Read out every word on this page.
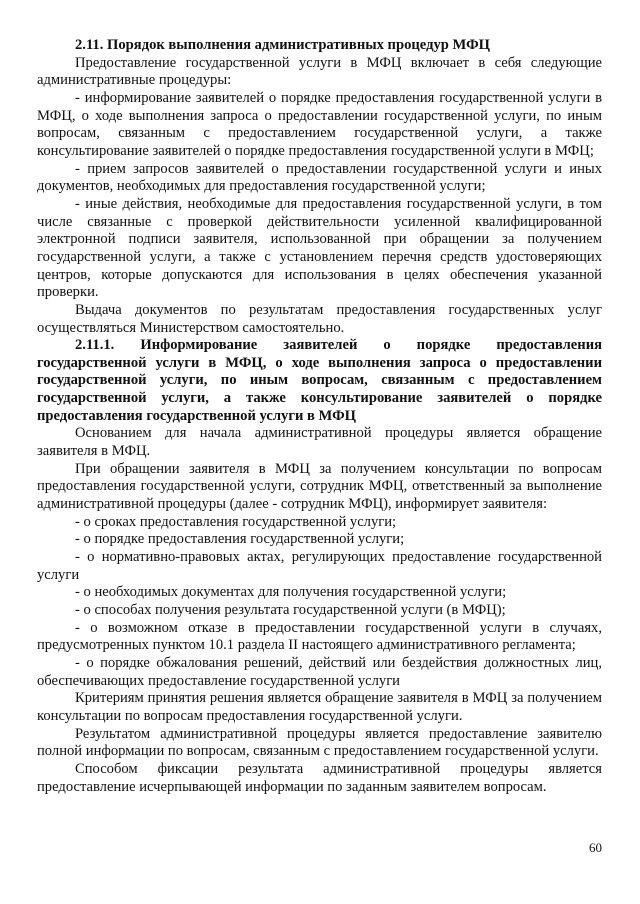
2.11. Порядок выполнения административных процедур МФЦ

Предоставление государственной услуги в МФЦ включает в себя следующие административные процедуры:

- информирование заявителей о порядке предоставления государственной услуги в МФЦ, о ходе выполнения запроса о предоставлении государственной услуги, по иным вопросам, связанным с предоставлением государственной услуги, а также консультирование заявителей о порядке предоставления государственной услуги в МФЦ;

- прием запросов заявителей о предоставлении государственной услуги и иных документов, необходимых для предоставления государственной услуги;

- иные действия, необходимые для предоставления государственной услуги, в том числе связанные с проверкой действительности усиленной квалифицированной электронной подписи заявителя, использованной при обращении за получением государственной услуги, а также с установлением перечня средств удостоверяющих центров, которые допускаются для использования в целях обеспечения указанной проверки.

Выдача документов по результатам предоставления государственных услуг осуществляться Министерством самостоятельно.

2.11.1. Информирование заявителей о порядке предоставления государственной услуги в МФЦ, о ходе выполнения запроса о предоставлении государственной услуги, по иным вопросам, связанным с предоставлением государственной услуги, а также консультирование заявителей о порядке предоставления государственной услуги в МФЦ

Основанием для начала административной процедуры является обращение заявителя в МФЦ.

При обращении заявителя в МФЦ за получением консультации по вопросам предоставления государственной услуги, сотрудник МФЦ, ответственный за выполнение административной процедуры (далее - сотрудник МФЦ), информирует заявителя:

- о сроках предоставления государственной услуги;

- о порядке предоставления государственной услуги;

- о нормативно-правовых актах, регулирующих предоставление государственной услуги

- о необходимых документах для получения государственной услуги;

- о способах получения результата государственной услуги (в МФЦ);

- о возможном отказе в предоставлении государственной услуги в случаях, предусмотренных пунктом 10.1 раздела II настоящего административного регламента;

- о порядке обжалования решений, действий или бездействия должностных лиц, обеспечивающих предоставление государственной услуги

Критериям принятия решения является обращение заявителя в МФЦ за получением консультации по вопросам предоставления государственной услуги.

Результатом административной процедуры является предоставление заявителю полной информации по вопросам, связанным с предоставлением государственной услуги.

Способом фиксации результата административной процедуры является предоставление исчерпывающей информации по заданным заявителем вопросам.

60
